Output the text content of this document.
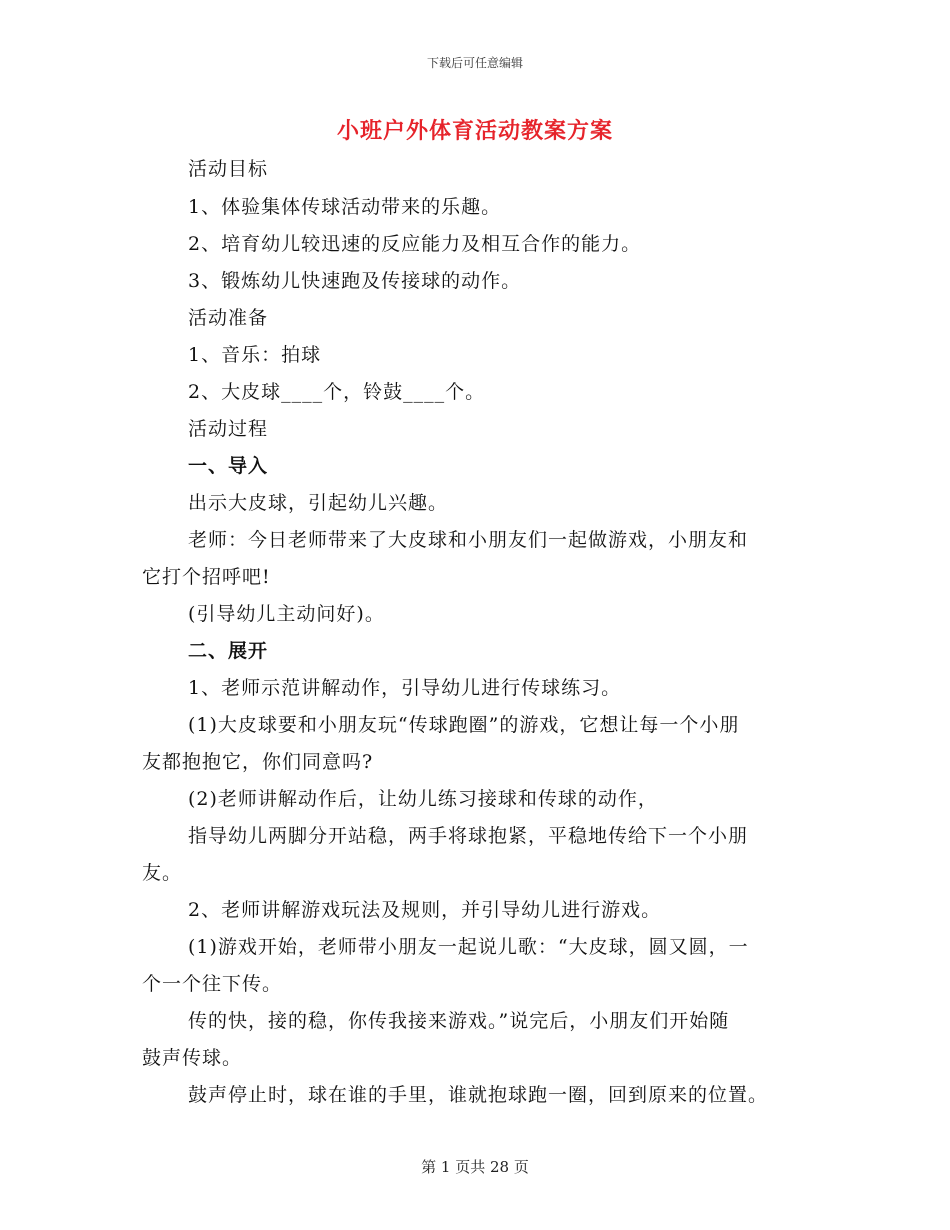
下载后可任意编辑
小班户外体育活动教案方案
活动目标
1、体验集体传球活动带来的乐趣。
2、培育幼儿较迅速的反应能力及相互合作的能力。
3、锻炼幼儿快速跑及传接球的动作。
活动准备
1、音乐：拍球
2、大皮球____个，铃鼓____个。
活动过程
一、导入
出示大皮球，引起幼儿兴趣。
老师：今日老师带来了大皮球和小朋友们一起做游戏，小朋友和
它打个招呼吧!
(引导幼儿主动问好)。
二、展开
1、老师示范讲解动作，引导幼儿进行传球练习。
(1)大皮球要和小朋友玩“传球跑圈”的游戏，它想让每一个小朋
友都抱抱它，你们同意吗?
(2)老师讲解动作后，让幼儿练习接球和传球的动作，
指导幼儿两脚分开站稳，两手将球抱紧，平稳地传给下一个小朋
友。
2、老师讲解游戏玩法及规则，并引导幼儿进行游戏。
(1)游戏开始，老师带小朋友一起说儿歌：“大皮球，圆又圆，一
个一个往下传。
传的快，接的稳，你传我接来游戏。”说完后，小朋友们开始随
鼓声传球。
鼓声停止时，球在谁的手里，谁就抱球跑一圈，回到原来的位置。
第 1 页共 28 页
